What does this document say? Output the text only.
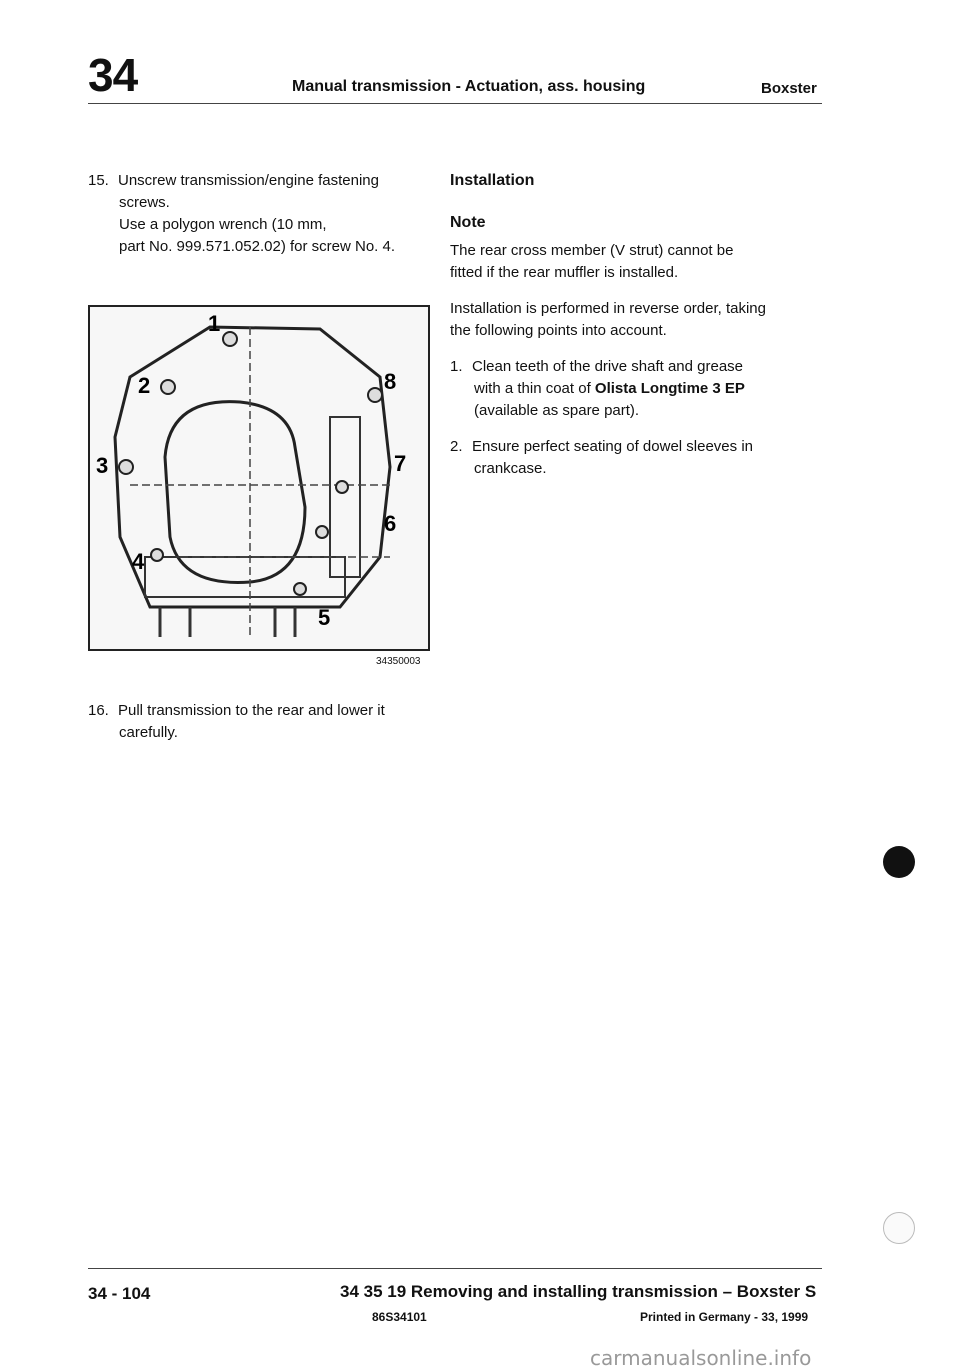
34	Manual transmission - Actuation, ass. housing	Boxster
15. Unscrew transmission/engine fastening
screws.
Use a polygon wrench (10 mm,
part No. 999.571.052.02) for screw No. 4.
1
2
3
4
5
6
7
8
34350003
16. Pull transmission to the rear and lower it
carefully.
Installation
Note
The rear cross member (V strut) cannot be
fitted if the rear muffler is installed.
Installation is performed in reverse order, taking
the following points into account.
1. Clean teeth of the drive shaft and grease
with a thin coat of Olista Longtime 3 EP
(available as spare part).
2. Ensure perfect seating of dowel sleeves in
crankcase.
34 - 104	34 35 19 Removing and installing transmission – Boxster S
86S34101	Printed in Germany - 33, 1999
carmanualsonline.info
